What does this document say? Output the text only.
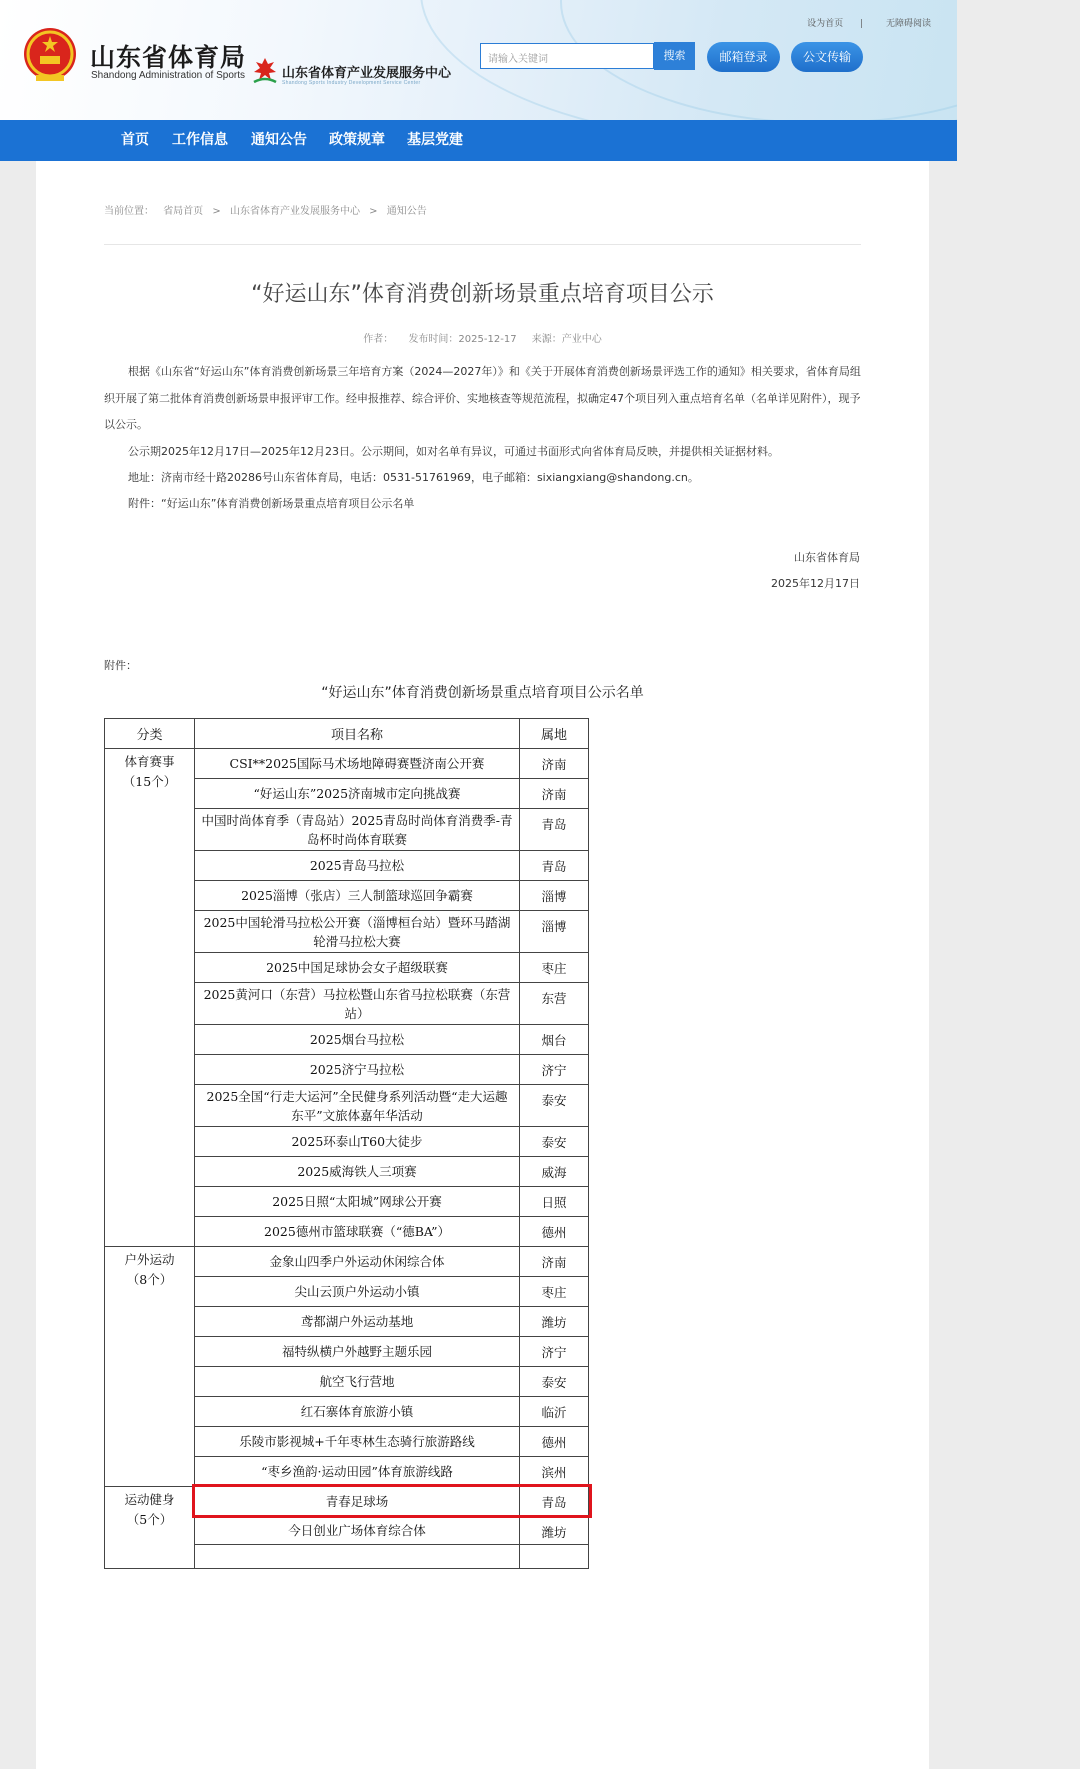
山东省体育局
Shandong Administration of Sports	山东省体育产业发展服务中心
Shandong Sports Industry Development Service Center
设为首页 |	无障碍阅读
请输入关键词	搜索	邮箱登录	公文传输
首页 工作信息 通知公告 政策规章 基层党建
当前位置： 省局首页 > 山东省体育产业发展服务中心 > 通知公告
“好运山东”体育消费创新场景重点培育项目公示
作者： 发布时间：2025-12-17 来源：产业中心
根据《山东省“好运山东”体育消费创新场景三年培育方案（2024—2027年）》和《关于开展体育消费创新场景评选工作的通知》相关要求，省体育局组织开展了第二批体育消费创新场景申报评审工作。经申报推荐、综合评价、实地核查等规范流程，拟确定47个项目列入重点培育名单（名单详见附件），现予以公示。
公示期2025年12月17日—2025年12月23日。公示期间，如对名单有异议，可通过书面形式向省体育局反映，并提供相关证据材料。
地址：济南市经十路20286号山东省体育局，电话：0531-51761969，电子邮箱：sixiangxiang@shandong.cn。
附件：“好运山东”体育消费创新场景重点培育项目公示名单
山东省体育局
2025年12月17日
附件：
“好运山东”体育消费创新场景重点培育项目公示名单
分类	项目名称	属地

体育赛事
（15个）	CSI**2025国际马术场地障碍赛暨济南公开赛	济南
	“好运山东”2025济南城市定向挑战赛	济南
	中国时尚体育季（青岛站）2025青岛时尚体育消费季-青岛杯时尚体育联赛	青岛
	2025青岛马拉松	青岛
	2025淄博（张店）三人制篮球巡回争霸赛	淄博
	2025中国轮滑马拉松公开赛（淄博桓台站）暨环马踏湖轮滑马拉松大赛	淄博
	2025中国足球协会女子超级联赛	枣庄
	2025黄河口（东营）马拉松暨山东省马拉松联赛（东营站）	东营
	2025烟台马拉松	烟台
	2025济宁马拉松	济宁
	2025全国“行走大运河”全民健身系列活动暨“走大运趣东平”文旅体嘉年华活动	泰安
	2025环泰山T60大徒步	泰安
	2025威海铁人三项赛	威海
	2025日照“太阳城”网球公开赛	日照
	2025德州市篮球联赛（“德BA”）	德州

户外运动
（8个）	金象山四季户外运动休闲综合体	济南
	尖山云顶户外运动小镇	枣庄
	鸢都湖户外运动基地	潍坊
	福特纵横户外越野主题乐园	济宁
	航空飞行营地	泰安
	红石寨体育旅游小镇	临沂
	乐陵市影视城+千年枣林生态骑行旅游路线	德州
	“枣乡渔韵·运动田园”体育旅游线路	滨州

运动健身
（5个）	青春足球场	青岛
	今日创业广场体育综合体	潍坊
